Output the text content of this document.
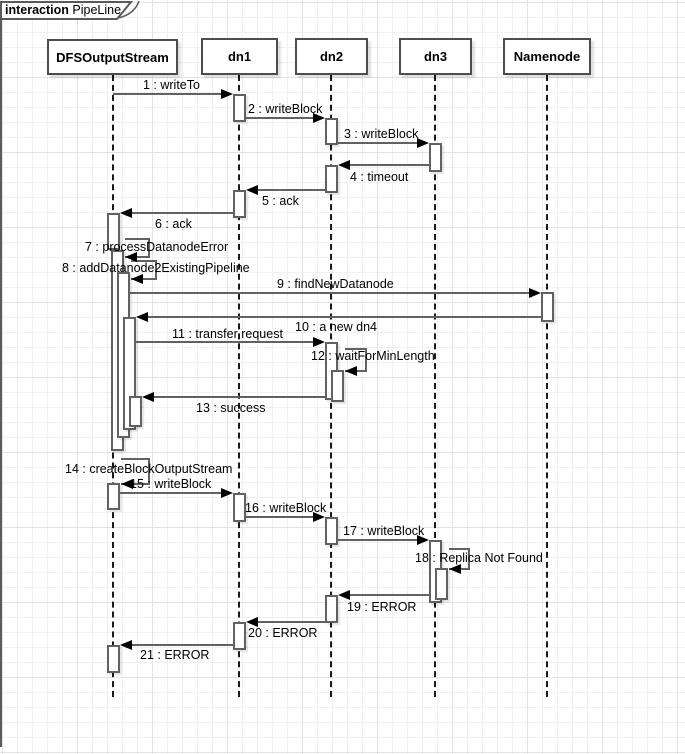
interaction PipeLine
DFSOutputStream	dn1	dn2	dn3	Namenode
1 : writeTo
2 : writeBlock
3 : writeBlock
4 : timeout
5 : ack
6 : ack
9 : findNewDatanode
10 : a new dn4
11 : transfer request
13 : success
15 : writeBlock
16 : writeBlock
17 : writeBlock
19 : ERROR
20 : ERROR
21 : ERROR
7 : processDatanodeError
8 : addDatanode2ExistingPipeline
12 : waitForMinLength
14 : createBlockOutputStream
18 : Replica Not Found
